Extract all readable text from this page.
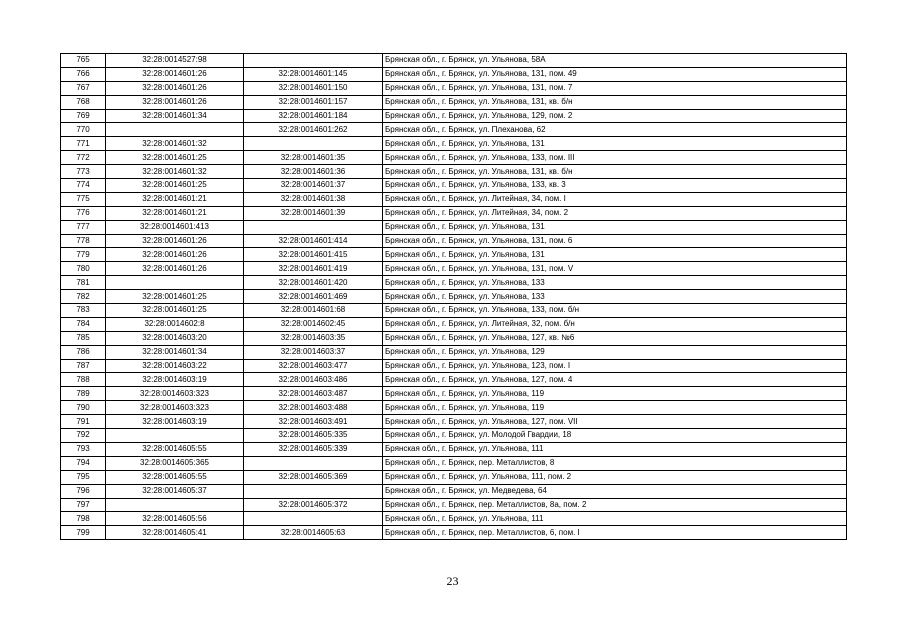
765	32:28:0014527:98		Брянская обл., г. Брянск, ул. Ульянова, 58А
766	32:28:0014601:26	32:28:0014601:145	Брянская обл., г. Брянск, ул. Ульянова, 131, пом. 49
767	32:28:0014601:26	32:28:0014601:150	Брянская обл., г. Брянск, ул. Ульянова, 131, пом. 7
768	32:28:0014601:26	32:28:0014601:157	Брянская обл., г. Брянск, ул. Ульянова, 131, кв. б/н
769	32:28:0014601:34	32:28:0014601:184	Брянская обл., г. Брянск, ул. Ульянова, 129, пом. 2
770		32:28:0014601:262	Брянская обл., г. Брянск, ул. Плеханова, 62
771	32:28:0014601:32		Брянская обл., г. Брянск, ул. Ульянова, 131
772	32:28:0014601:25	32:28:0014601:35	Брянская обл., г. Брянск, ул. Ульянова, 133, пом. III
773	32:28:0014601:32	32:28:0014601:36	Брянская обл., г. Брянск, ул. Ульянова, 131, кв. б/н
774	32:28:0014601:25	32:28:0014601:37	Брянская обл., г. Брянск, ул. Ульянова, 133, кв. 3
775	32:28:0014601:21	32:28:0014601:38	Брянская обл., г. Брянск, ул. Литейная, 34, пом. I
776	32:28:0014601:21	32:28:0014601:39	Брянская обл., г. Брянск, ул. Литейная, 34, пом. 2
777	32:28:0014601:413		Брянская обл., г. Брянск, ул. Ульянова, 131
778	32:28:0014601:26	32:28:0014601:414	Брянская обл., г. Брянск, ул. Ульянова, 131, пом. 6
779	32:28:0014601:26	32:28:0014601:415	Брянская обл., г. Брянск, ул. Ульянова, 131
780	32:28:0014601:26	32:28:0014601:419	Брянская обл., г. Брянск, ул. Ульянова, 131, пом. V
781		32:28:0014601:420	Брянская обл., г. Брянск, ул. Ульянова, 133
782	32:28:0014601:25	32:28:0014601:469	Брянская обл., г. Брянск, ул. Ульянова, 133
783	32:28:0014601:25	32:28:0014601:68	Брянская обл., г. Брянск, ул. Ульянова, 133, пом. б/н
784	32:28:0014602:8	32:28:0014602:45	Брянская обл., г. Брянск, ул. Литейная, 32, пом. б/н
785	32:28:0014603:20	32:28:0014603:35	Брянская обл., г. Брянск, ул. Ульянова, 127, кв. №6
786	32:28:0014601:34	32:28:0014603:37	Брянская обл., г. Брянск, ул. Ульянова, 129
787	32:28:0014603:22	32:28:0014603:477	Брянская обл., г. Брянск, ул. Ульянова, 123, пом. I
788	32:28:0014603:19	32:28:0014603:486	Брянская обл., г. Брянск, ул. Ульянова, 127, пом. 4
789	32:28:0014603:323	32:28:0014603:487	Брянская обл., г. Брянск, ул. Ульянова, 119
790	32:28:0014603:323	32:28:0014603:488	Брянская обл., г. Брянск, ул. Ульянова, 119
791	32:28:0014603:19	32:28:0014603:491	Брянская обл., г. Брянск, ул. Ульянова, 127, пом. VII
792		32:28:0014605:335	Брянская обл., г. Брянск, ул. Молодой Гвардии, 18
793	32:28:0014605:55	32:28:0014605:339	Брянская обл., г. Брянск, ул. Ульянова, 111
794	32:28:0014605:365		Брянская обл., г. Брянск, пер. Металлистов, 8
795	32:28:0014605:55	32:28:0014605:369	Брянская обл., г. Брянск, ул. Ульянова, 111, пом. 2
796	32:28:0014605:37		Брянская обл., г. Брянск, ул. Медведева, 64
797		32:28:0014605:372	Брянская обл., г. Брянск, пер. Металлистов, 8а, пом. 2
798	32:28:0014605:56		Брянская обл., г. Брянск, ул. Ульянова, 111
799	32:28:0014605:41	32:28:0014605:63	Брянская обл., г. Брянск, пер. Металлистов, 6, пом. I
23
